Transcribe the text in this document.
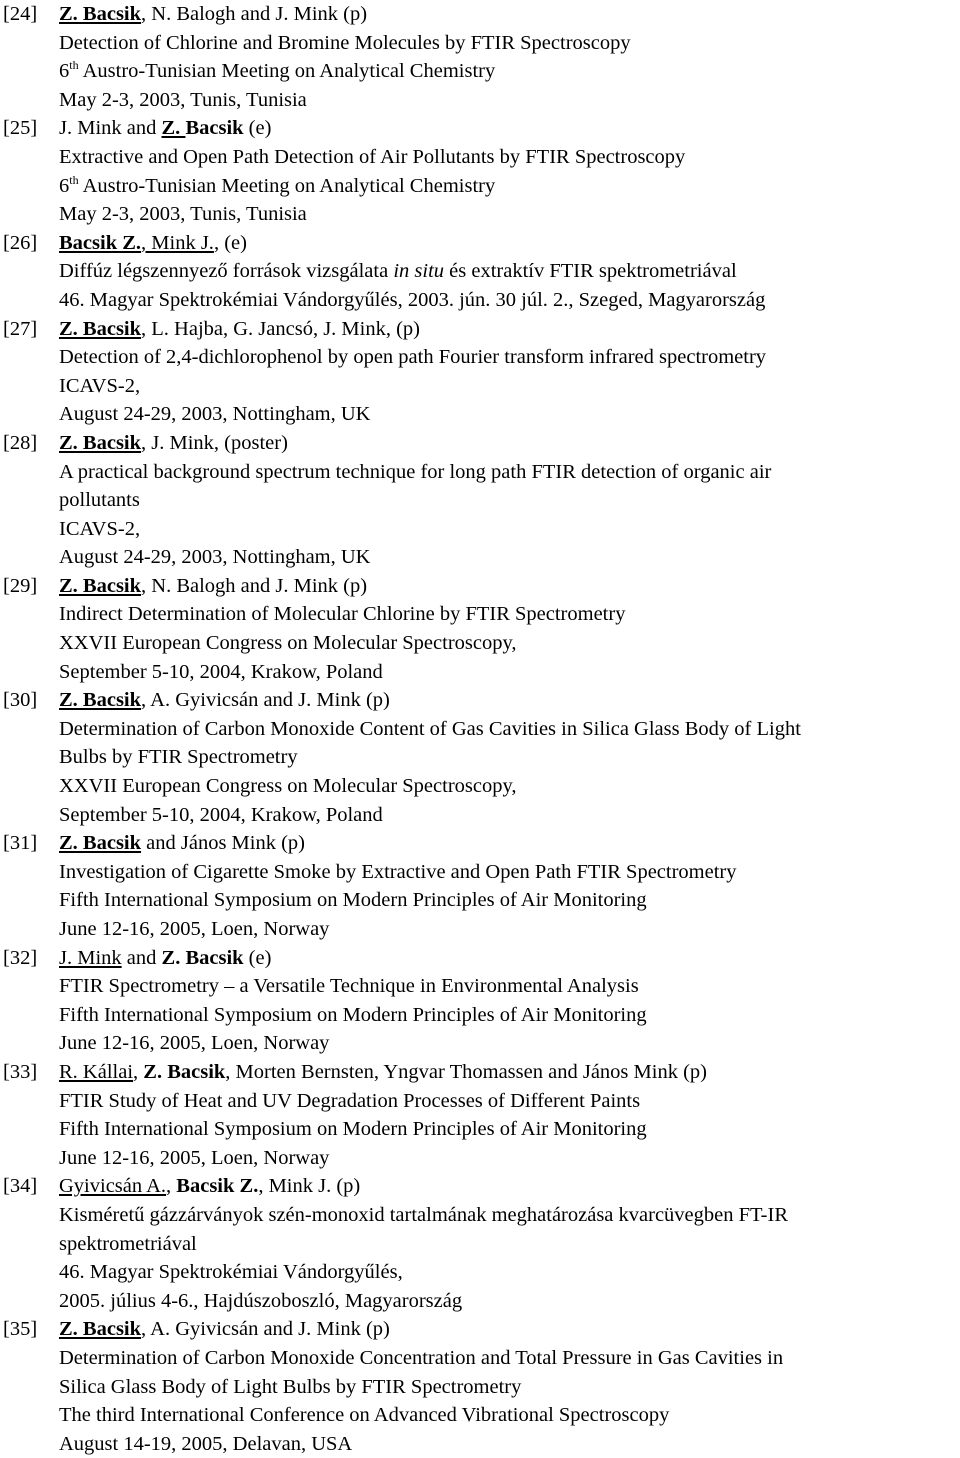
[24] Z. Bacsik, N. Balogh and J. Mink (p)
Detection of Chlorine and Bromine Molecules by FTIR Spectroscopy
6th Austro-Tunisian Meeting on Analytical Chemistry
May 2-3, 2003, Tunis, Tunisia
[25] J. Mink and Z. Bacsik (e)
Extractive and Open Path Detection of Air Pollutants by FTIR Spectroscopy
6th Austro-Tunisian Meeting on Analytical Chemistry
May 2-3, 2003, Tunis, Tunisia
[26] Bacsik Z., Mink J., (e)
Diffúz légszennyező források vizsgálata in situ és extraktív FTIR spektrometriával
46. Magyar Spektrokémiai Vándorgyűlés, 2003. jún. 30 júl. 2., Szeged, Magyarország
[27] Z. Bacsik, L. Hajba, G. Jancsó, J. Mink, (p)
Detection of 2,4-dichlorophenol by open path Fourier transform infrared spectrometry
ICAVS-2,
August 24-29, 2003, Nottingham, UK
[28] Z. Bacsik, J. Mink, (poster)
A practical background spectrum technique for long path FTIR detection of organic air
pollutants
ICAVS-2,
August 24-29, 2003, Nottingham, UK
[29] Z. Bacsik, N. Balogh and J. Mink (p)
Indirect Determination of Molecular Chlorine by FTIR Spectrometry
XXVII European Congress on Molecular Spectroscopy,
September 5-10, 2004, Krakow, Poland
[30] Z. Bacsik, A. Gyivicsán and J. Mink (p)
Determination of Carbon Monoxide Content of Gas Cavities in Silica Glass Body of Light
Bulbs by FTIR Spectrometry
XXVII European Congress on Molecular Spectroscopy,
September 5-10, 2004, Krakow, Poland
[31] Z. Bacsik and János Mink (p)
Investigation of Cigarette Smoke by Extractive and Open Path FTIR Spectrometry
Fifth International Symposium on Modern Principles of Air Monitoring
June 12-16, 2005, Loen, Norway
[32] J. Mink and Z. Bacsik (e)
FTIR Spectrometry – a Versatile Technique in Environmental Analysis
Fifth International Symposium on Modern Principles of Air Monitoring
June 12-16, 2005, Loen, Norway
[33] R. Kállai, Z. Bacsik, Morten Bernsten, Yngvar Thomassen and János Mink (p)
FTIR Study of Heat and UV Degradation Processes of Different Paints
Fifth International Symposium on Modern Principles of Air Monitoring
June 12-16, 2005, Loen, Norway
[34] Gyivicsán A., Bacsik Z., Mink J. (p)
Kisméretű gázzárványok szén-monoxid tartalmának meghatározása kvarcüvegben FT-IR
spektrometriával
46. Magyar Spektrokémiai Vándorgyűlés,
2005. július 4-6., Hajdúszoboszló, Magyarország
[35] Z. Bacsik, A. Gyivicsán and J. Mink (p)
Determination of Carbon Monoxide Concentration and Total Pressure in Gas Cavities in
Silica Glass Body of Light Bulbs by FTIR Spectrometry
The third International Conference on Advanced Vibrational Spectroscopy
August 14-19, 2005, Delavan, USA
